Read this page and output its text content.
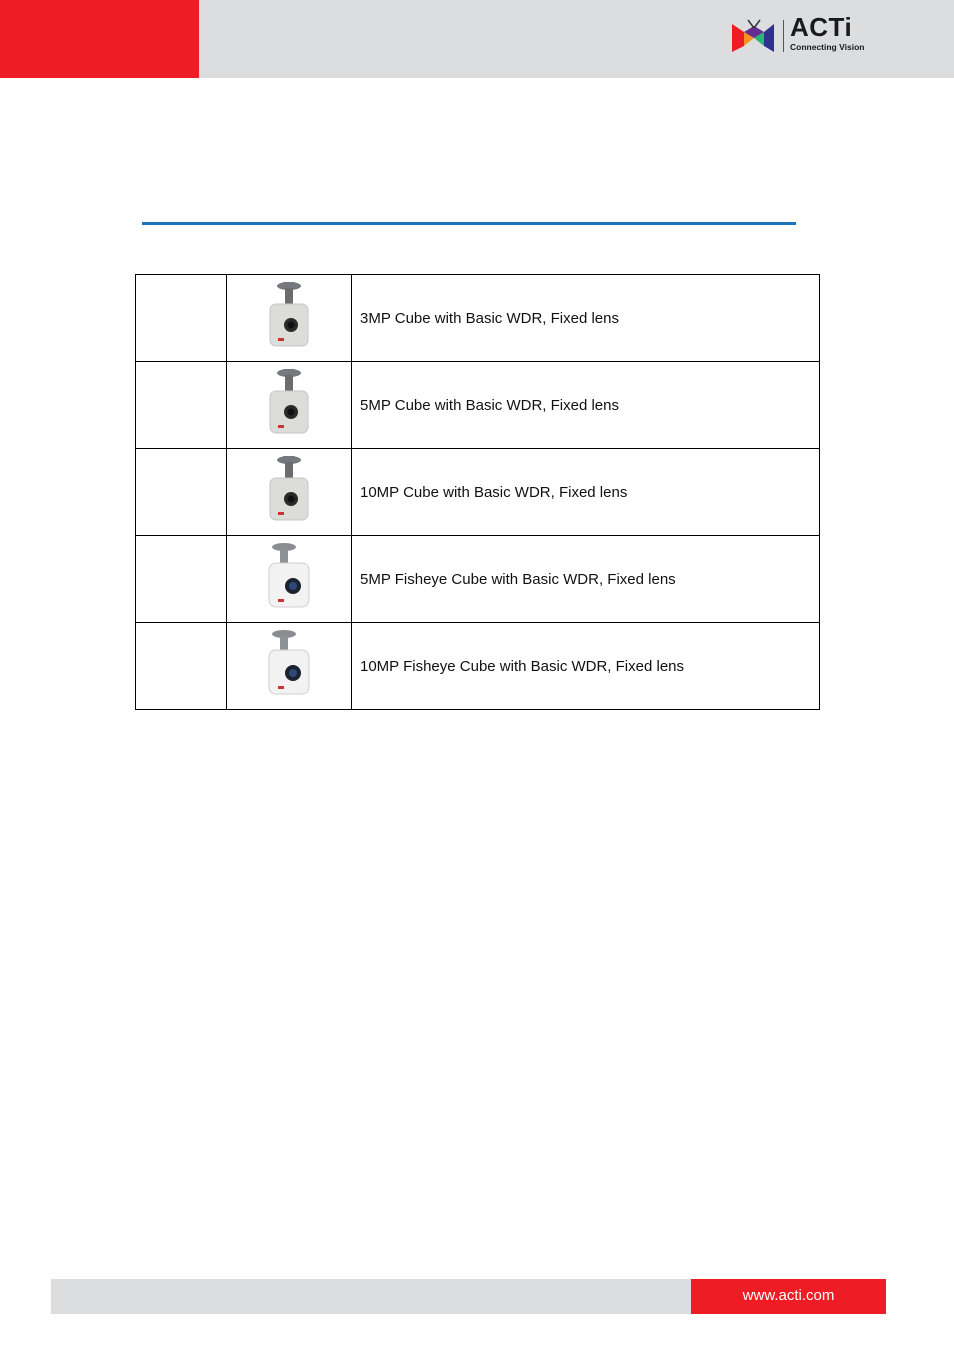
ACTi
Connecting Vision
		3MP Cube with Basic WDR, Fixed lens
		5MP Cube with Basic WDR, Fixed lens
		10MP Cube with Basic WDR, Fixed lens
		5MP Fisheye Cube with Basic WDR, Fixed lens
		10MP Fisheye Cube with Basic WDR, Fixed lens
www.acti.com
